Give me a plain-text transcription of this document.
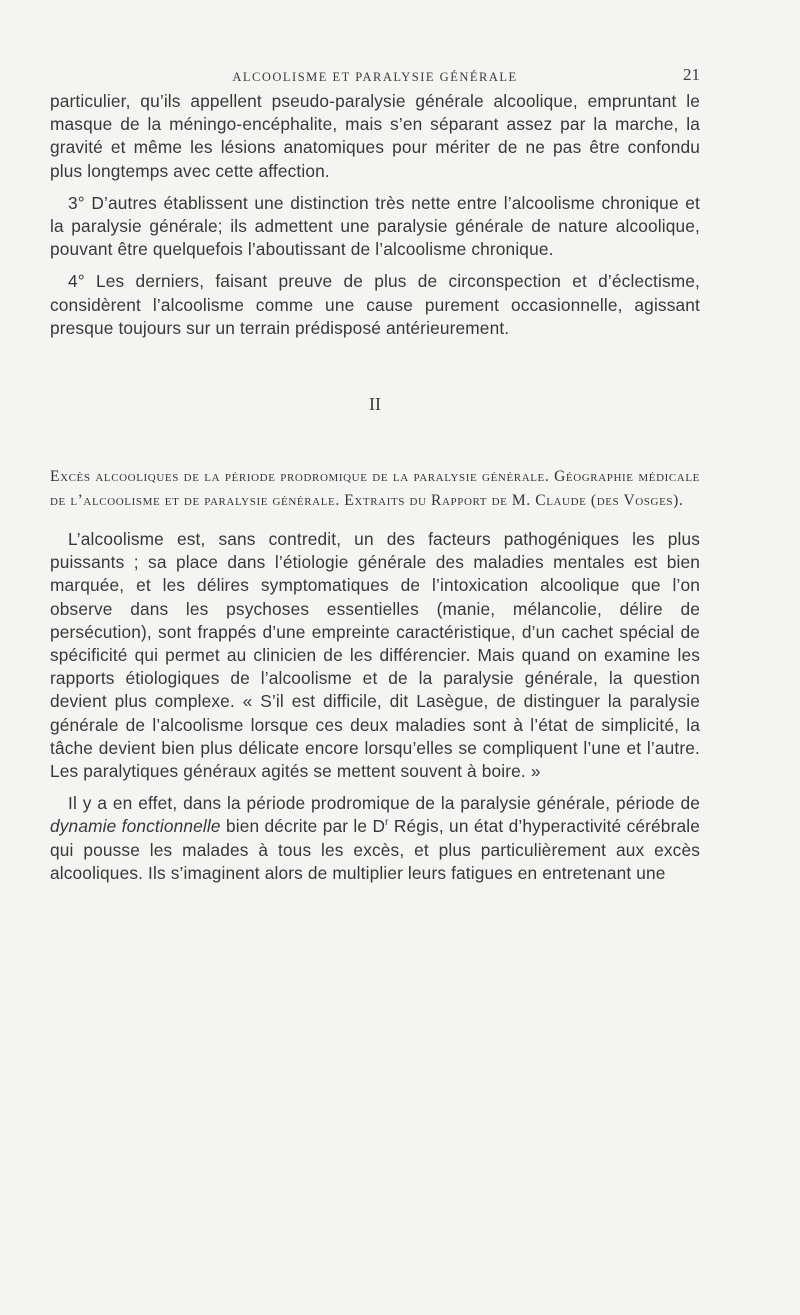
ALCOOLISME ET PARALYSIE GÉNÉRALE	21

particulier, qu’ils appellent pseudo-paralysie générale alcoolique, empruntant le masque de la méningo-encéphalite, mais s’en séparant assez par la marche, la gravité et même les lésions anatomiques pour mériter de ne pas être confondu plus longtemps avec cette affection.

3° D’autres établissent une distinction très nette entre l’alcoolisme chronique et la paralysie générale; ils admettent une paralysie générale de nature alcoolique, pouvant être quelquefois l’aboutissant de l’alcoolisme chronique.

4° Les derniers, faisant preuve de plus de circonspection et d’éclectisme, considèrent l’alcoolisme comme une cause purement occasionnelle, agissant presque toujours sur un terrain prédisposé antérieurement.

II

Excès alcooliques de la période prodromique de la paralysie générale. Géographie médicale de l’alcoolisme et de paralysie générale. Extraits du Rapport de M. Claude (des Vosges).

L’alcoolisme est, sans contredit, un des facteurs pathogéniques les plus puissants ; sa place dans l’étiologie générale des maladies mentales est bien marquée, et les délires symptomatiques de l’intoxication alcoolique que l’on observe dans les psychoses essentielles (manie, mélancolie, délire de persécution), sont frappés d’une empreinte caractéristique, d’un cachet spécial de spécificité qui permet au clinicien de les différencier. Mais quand on examine les rapports étiologiques de l’alcoolisme et de la paralysie générale, la question devient plus complexe. « S’il est difficile, dit Lasègue, de distinguer la paralysie générale de l’alcoolisme lorsque ces deux maladies sont à l’état de simplicité, la tâche devient bien plus délicate encore lorsqu’elles se compliquent l’une et l’autre. Les paralytiques généraux agités se mettent souvent à boire. »

Il y a en effet, dans la période prodromique de la paralysie générale, période de dynamie fonctionnelle bien décrite par le $D^r$ Régis, un état d’hyperactivité cérébrale qui pousse les malades à tous les excès, et plus particulièrement aux excès alcooliques. Ils s’imaginent alors de multiplier leurs fatigues en entretenant une
